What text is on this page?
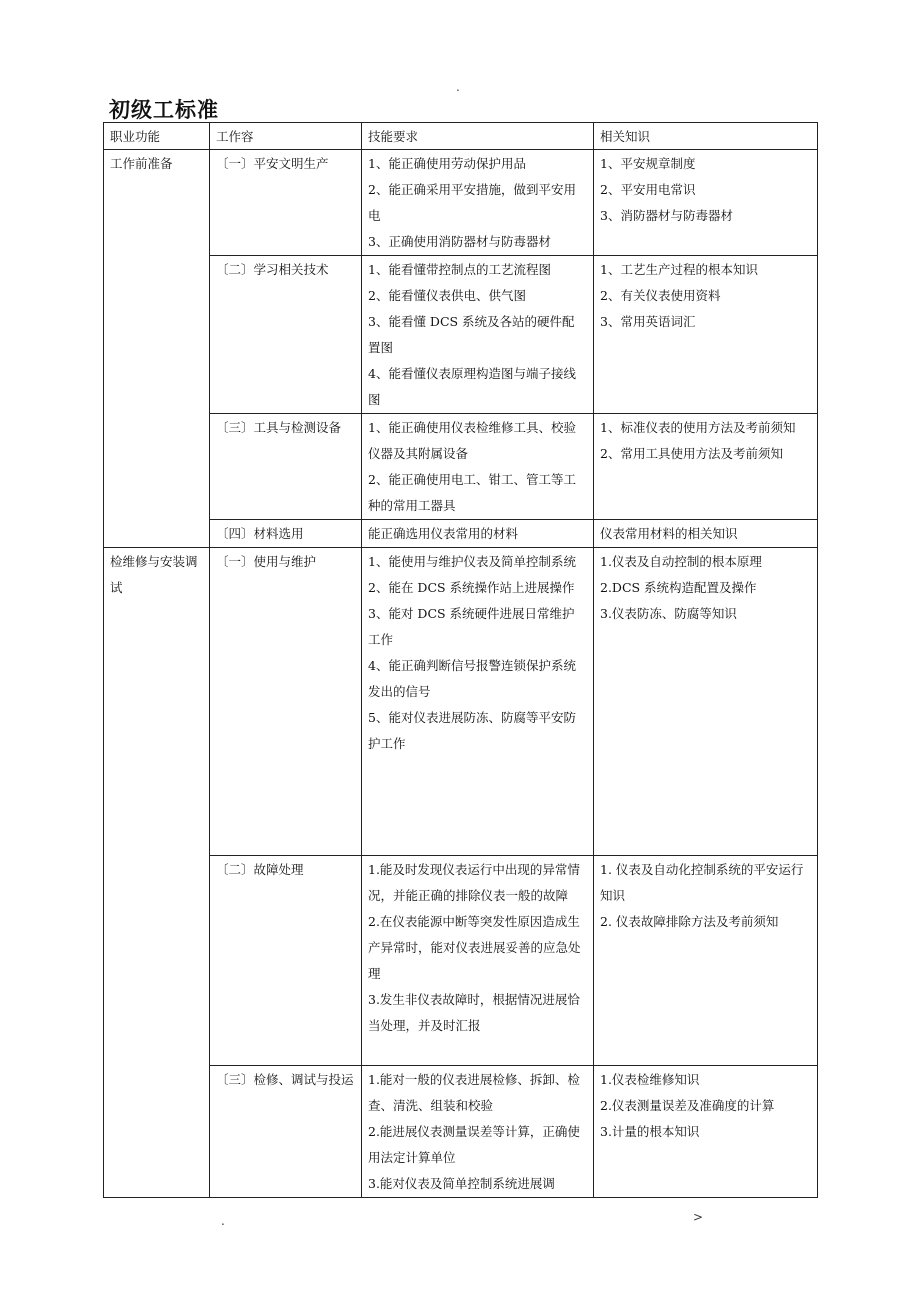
.
初级工标准
职业功能	工作容	技能要求	相关知识
工作前准备	〔一〕平安文明生产	1、能正确使用劳动保护用品
2、能正确采用平安措施，做到平安用电
3、正确使用消防器材与防毒器材	1、平安规章制度
2、平安用电常识
3、消防器材与防毒器材

	〔二〕学习相关技术	1、能看懂带控制点的工艺流程图
2、能看懂仪表供电、供气图
3、能看懂 DCS 系统及各站的硬件配置图
4、能看懂仪表原理构造图与端子接线图	1、工艺生产过程的根本知识
2、有关仪表使用资料
3、常用英语词汇

	〔三〕工具与检测设备	1、能正确使用仪表检维修工具、校验仪器及其附属设备
2、能正确使用电工、钳工、管工等工种的常用工器具	1、标准仪表的使用方法及考前须知
2、常用工具使用方法及考前须知

	〔四〕材料选用	能正确选用仪表常用的材料	仪表常用材料的相关知识

检维修与安装调试	〔一〕使用与维护	1、能使用与维护仪表及简单控制系统
2、能在 DCS 系统操作站上进展操作
3、能对 DCS 系统硬件进展日常维护工作
4、能正确判断信号报警连锁保护系统发出的信号
5、能对仪表进展防冻、防腐等平安防护工作	1.仪表及自动控制的根本原理
2.DCS 系统构造配置及操作
3.仪表防冻、防腐等知识

	〔二〕故障处理	1.能及时发现仪表运行中出现的异常情况，并能正确的排除仪表一般的故障
2.在仪表能源中断等突发性原因造成生产异常时，能对仪表进展妥善的应急处理
3.发生非仪表故障时，根据情况进展恰当处理，并及时汇报	1. 仪表及自动化控制系统的平安运行知识
2. 仪表故障排除方法及考前须知

	〔三〕检修、调试与投运	1.能对一般的仪表进展检修、拆卸、检查、清洗、组装和校验
2.能进展仪表测量误差等计算，正确使用法定计算单位
3.能对仪表及简单控制系统进展调	1.仪表检维修知识
2.仪表测量误差及准确度的计算
3.计量的根本知识
.	>
